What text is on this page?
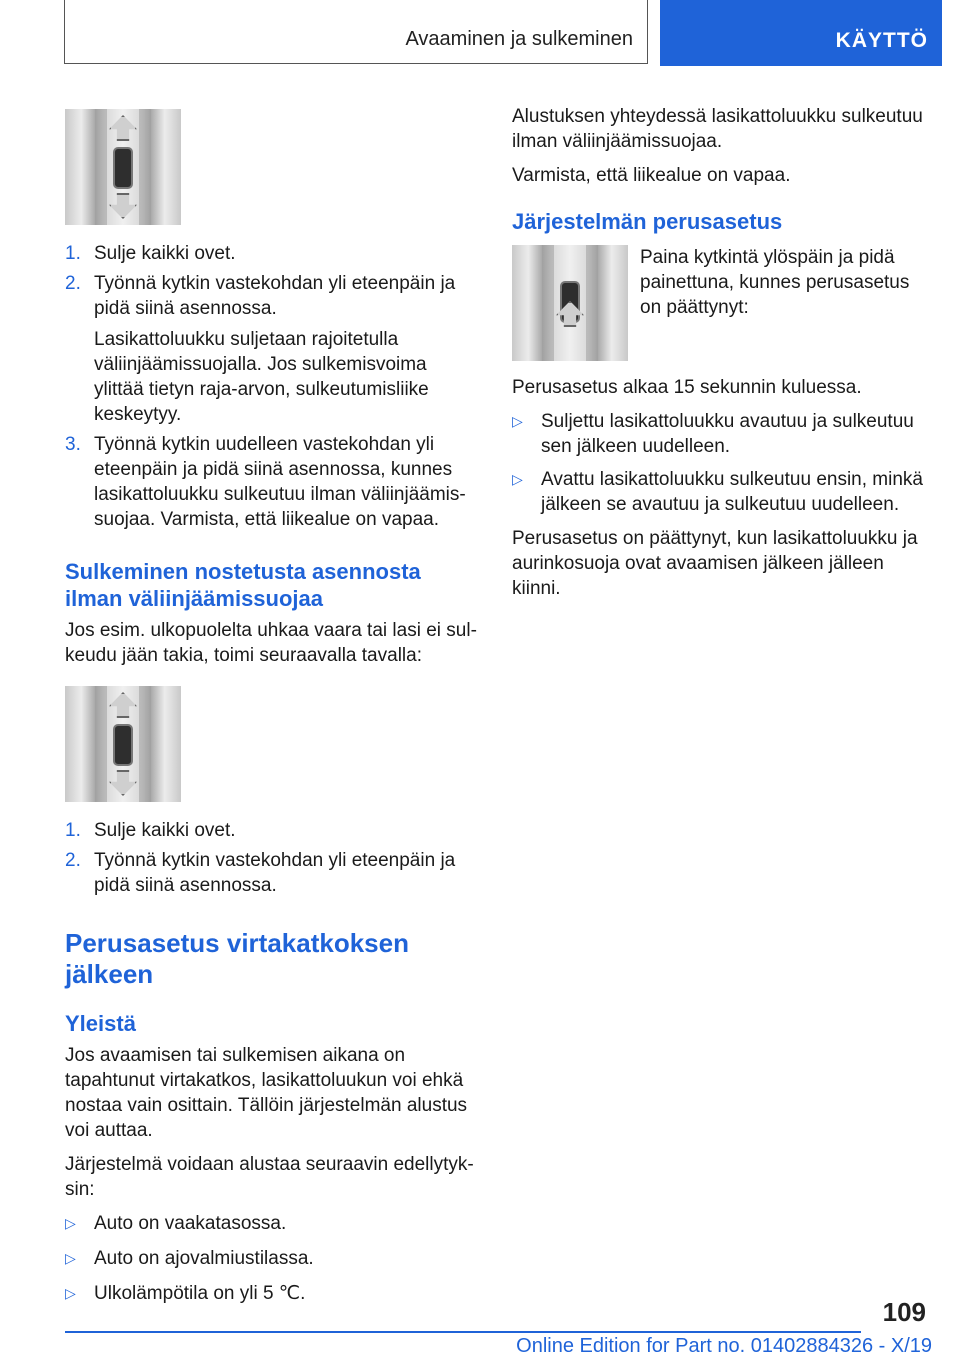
Avaaminen ja sulkeminen	KÄYTTÖ
1. Sulje kaikki ovet.
2. Työnnä kytkin vastekohdan yli eteenpäin ja pidä siinä asennossa.
Lasikattoluukku suljetaan rajoitetulla väliinjäämissuojalla. Jos sulkemisvoima ylittää tietyn raja-arvon, sulkeutumisliike keskeytyy.
3. Työnnä kytkin uudelleen vastekohdan yli eteenpäin ja pidä siinä asennossa, kunnes lasikattoluukku sulkeutuu ilman väliinjäämissuojaa. Varmista, että liikealue on vapaa.
Sulkeminen nostetusta asennosta ilman väliinjäämissuojaa

Jos esim. ulkopuolelta uhkaa vaara tai lasi ei sulkeudu jään takia, toimi seuraavalla tavalla:

1. Sulje kaikki ovet.
2. Työnnä kytkin vastekohdan yli eteenpäin ja pidä siinä asennossa.
Perusasetus virtakatkoksen jälkeen
Yleistä

Jos avaamisen tai sulkemisen aikana on tapahtunut virtakatkos, lasikattoluukun voi ehkä nostaa vain osittain. Tällöin järjestelmän alustus voi auttaa.

Järjestelmä voidaan alustaa seuraavin edellytyksin:

▷ Auto on vaakatasossa.
▷ Auto on ajovalmiustilassa.
▷ Ulkolämpötila on yli 5 ℃.

Alustuksen yhteydessä lasikattoluukku sulkeutuu ilman väliinjäämissuojaa.

Varmista, että liikealue on vapaa.

Järjestelmän perusasetus

Paina kytkintä ylöspäin ja pidä painettuna, kunnes perusasetus on päättynyt:

Perusasetus alkaa 15 sekunnin kuluessa.

▷ Suljettu lasikattoluukku avautuu ja sulkeutuu sen jälkeen uudelleen.
▷ Avattu lasikattoluukku sulkeutuu ensin, minkä jälkeen se avautuu ja sulkeutuu uudelleen.

Perusasetus on päättynyt, kun lasikattoluukku ja aurinkosuoja ovat avaamisen jälkeen jälleen kiinni.

109
Online Edition for Part no. 01402884326 - X/19
